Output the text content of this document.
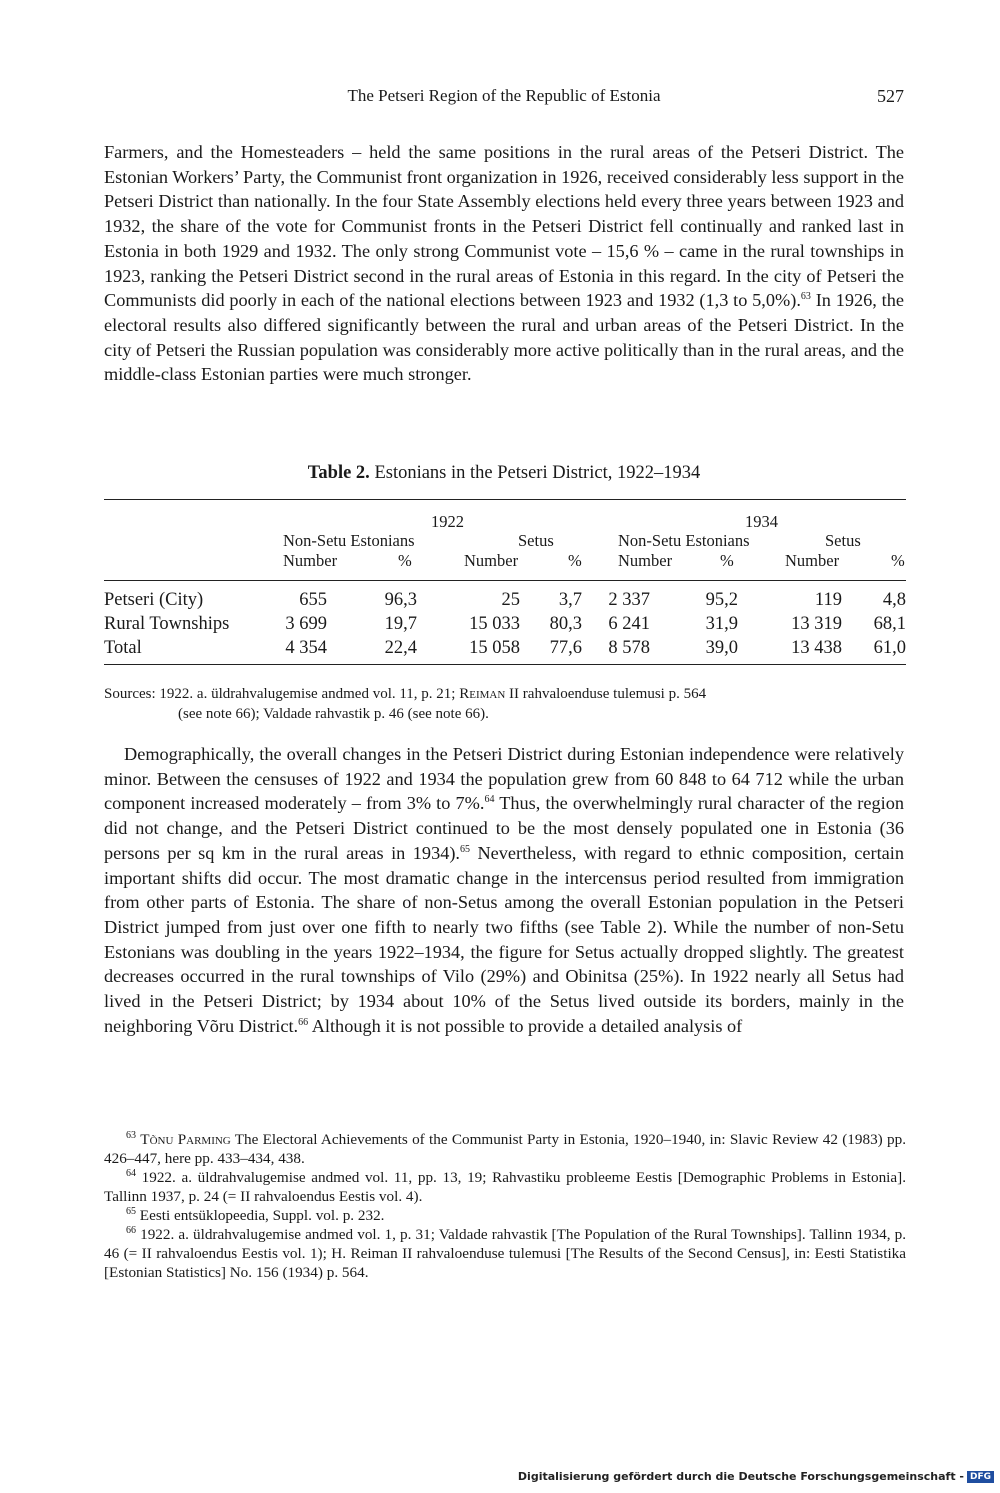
The Petseri Region of the Republic of Estonia	527

Farmers, and the Homesteaders – held the same positions in the rural areas of the Petseri District. The Estonian Workers’ Party, the Communist front organization in 1926, received considerably less support in the Petseri District than nationally. In the four State Assembly elections held every three years between 1923 and 1932, the share of the vote for Communist fronts in the Petseri District fell continually and ranked last in Estonia in both 1929 and 1932. The only strong Communist vote – 15,6 % – came in the rural townships in 1923, ranking the Petseri District second in the rural areas of Estonia in this regard. In the city of Petseri the Communists did poorly in each of the national elections between 1923 and 1932 (1,3 to 5,0%).$^{63}$ In 1926, the electoral results also differed significantly between the rural and urban areas of the Petseri District. In the city of Petseri the Russian population was considerably more active politically than in the rural areas, and the middle-class Estonian parties were much stronger.

Table 2. Estonians in the Petseri District, 1922–1934
1922	1934
Non-Setu Estonians	Setus	Non-Setu Estonians	Setus
Number	%	Number	% Number	%	Number	%
Petseri (City)	655	96,3	25	3,7	2 337	95,2	119	4,8
Rural Townships	3 699	19,7	15 033	80,3	6 241	31,9	13 319	68,1
Total	4 354	22,4	15 058	77,6	8 578	39,0	13 438	61,0
Sources: 1922. a. üldrahvalugemise andmed vol. 11, p. 21; Reiman II rahvaloenduse tulemusi p. 564
(see note 66); Valdade rahvastik p. 46 (see note 66).

Demographically, the overall changes in the Petseri District during Estonian independence were relatively minor. Between the censuses of 1922 and 1934 the population grew from 60 848 to 64 712 while the urban component increased moderately – from 3% to 7%.$^{64}$ Thus, the overwhelmingly rural character of the region did not change, and the Petseri District continued to be the most densely populated one in Estonia (36 persons per sq km in the rural areas in 1934).$^{65}$ Nevertheless, with regard to ethnic composition, certain important shifts did occur. The most dramatic change in the intercensus period resulted from immigration from other parts of Estonia. The share of non-Setus among the overall Estonian population in the Petseri District jumped from just over one fifth to nearly two fifths (see Table 2). While the number of non-Setu Estonians was doubling in the years 1922–1934, the figure for Setus actually dropped slightly. The greatest decreases occurred in the rural townships of Vilo (29%) and Obinitsa (25%). In 1922 nearly all Setus had lived in the Petseri District; by 1934 about 10% of the Setus lived outside its borders, mainly in the neighboring Võru District.$^{66}$ Although it is not possible to provide a detailed analysis of

$^{63}$ Tõnu Parming The Electoral Achievements of the Communist Party in Estonia, 1920–1940, in: Slavic Review 42 (1983) pp. 426–447, here pp. 433–434, 438.

$^{64}$ 1922. a. üldrahvalugemise andmed vol. 11, pp. 13, 19; Rahvastiku probleeme Eestis [Demographic Problems in Estonia]. Tallinn 1937, p. 24 (= II rahvaloendus Eestis vol. 4).

$^{65}$ Eesti entsüklopeedia, Suppl. vol. p. 232.

$^{66}$ 1922. a. üldrahvalugemise andmed vol. 1, p. 31; Valdade rahvastik [The Population of the Rural Townships]. Tallinn 1934, p. 46 (= II rahvaloendus Eestis vol. 1); H. Reiman II rahvaloenduse tulemusi [The Results of the Second Census], in: Eesti Statistika [Estonian Statistics] No. 156 (1934) p. 564.

Digitalisierung gefördert durch die Deutsche Forschungsgemeinschaft - DFG
